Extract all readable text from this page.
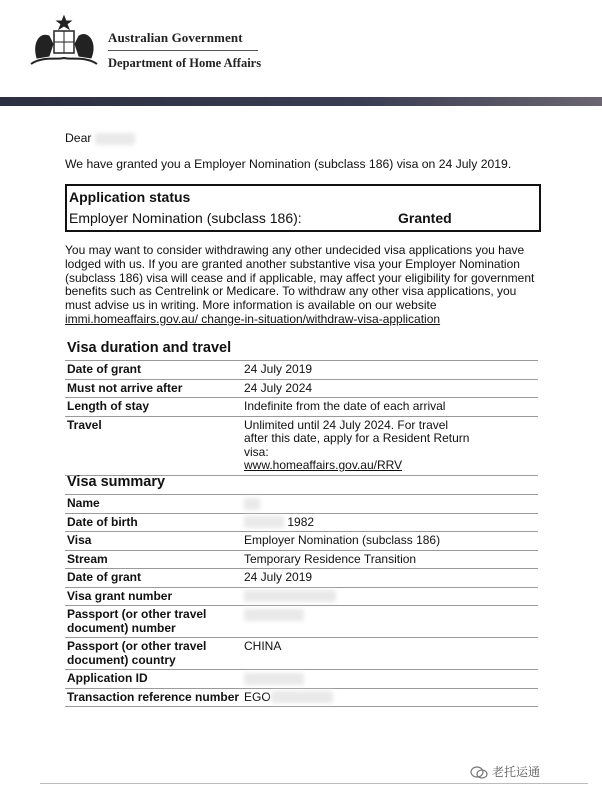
Australian Government
Department of Home Affairs
Dear
We have granted you a Employer Nomination (subclass 186) visa on 24 July 2019.
Application status
Employer Nomination (subclass 186):	Granted
You may want to consider withdrawing any other undecided visa applications you have lodged with us. If you are granted another substantive visa your Employer Nomination (subclass 186) visa will cease and if applicable, may affect your eligibility for government benefits such as Centrelink or Medicare. To withdraw any other visa applications, you must advise us in writing. More information is available on our website immi.homeaffairs.gov.au/ change-in-situation/withdraw-visa-application
Visa duration and travel
Date of grant	24 July 2019
Must not arrive after	24 July 2024
Length of stay	Indefinite from the date of each arrival
Travel	Unlimited until 24 July 2024. For travel after this date, apply for a Resident Return visa:
www.homeaffairs.gov.au/RRV
Visa summary
Name	
Date of birth	1982
Visa	Employer Nomination (subclass 186)
Stream	Temporary Residence Transition
Date of grant	24 July 2019
Visa grant number	
Passport (or other travel document) number	
Passport (or other travel document) country	CHINA
Application ID	
Transaction reference number	EGO
老托运通
